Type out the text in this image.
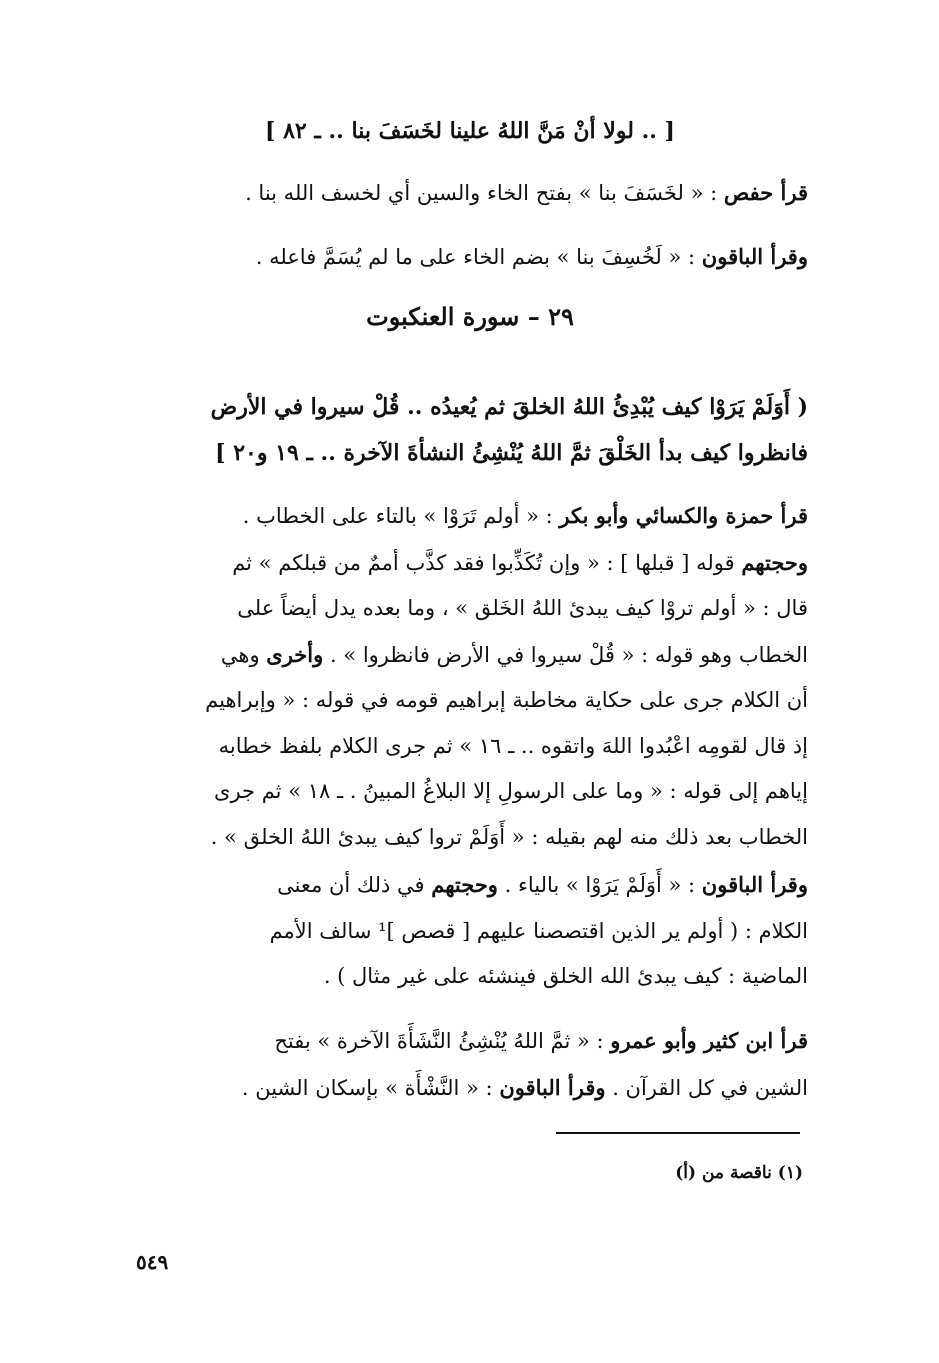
[ .. لولا أنْ مَنَّ اللهُ علينا لخَسَفَ بنا .. ـ ٨٢ ]
قرأ حفص : « لخَسَفَ بنا » بفتح الخاء والسين أي لخسف الله بنا .
وقرأ الباقون : « لَخُسِفَ بنا » بضم الخاء على ما لم يُسَمَّ فاعله .
٢٩ – سورة العنكبوت
( أَوَلَمْ يَرَوْا كيف يُبْدِئُ اللهُ الخلقَ ثم يُعيدُه .. قُلْ سيروا في الأرض
فانظروا كيف بدأ الخَلْقَ ثمَّ اللهُ يُنْشِئُ النشأةَ الآخرة .. ـ ١٩ و٢٠ ]
قرأ حمزة والكسائي وأبو بكر : « أولم تَرَوْا » بالتاء على الخطاب .
وحجتهم قوله [ قبلها ] : « وإن تُكَذِّبوا فقد كذَّب أممٌ من قبلكم » ثم
قال : « أولم تروْا كيف يبدئ اللهُ الخَلق » ، وما بعده يدل أيضاً على
الخطاب وهو قوله : « قُلْ سيروا في الأرض فانظروا » . وأخرى وهي
أن الكلام جرى على حكاية مخاطبة إبراهيم قومه في قوله : « وإبراهيم
إذ قال لقومِه اعْبُدوا اللهَ واتقوه .. ـ ١٦ » ثم جرى الكلام بلفظ خطابه
إياهم إلى قوله : « وما على الرسولِ إلا البلاغُ المبينُ . ـ ١٨ » ثم جرى
الخطاب بعد ذلك منه لهم بقيله : « أَوَلَمْ تروا كيف يبدئ اللهُ الخلق » .
وقرأ الباقون : « أَوَلَمْ يَرَوْا » بالياء . وحجتهم في ذلك أن معنى
الكلام : ( أولم ير الذين اقتصصنا عليهم [ قصص ]¹ سالف الأمم
الماضية : كيف يبدئ الله الخلق فينشئه على غير مثال ) .
قرأ ابن كثير وأبو عمرو : « ثمَّ اللهُ يُنْشِئُ النَّشَأَةَ الآخرة » بفتح
الشين في كل القرآن . وقرأ الباقون : « النَّشْأَة » بإسكان الشين .
(١) ناقصة من (أ)
٥٤٩
